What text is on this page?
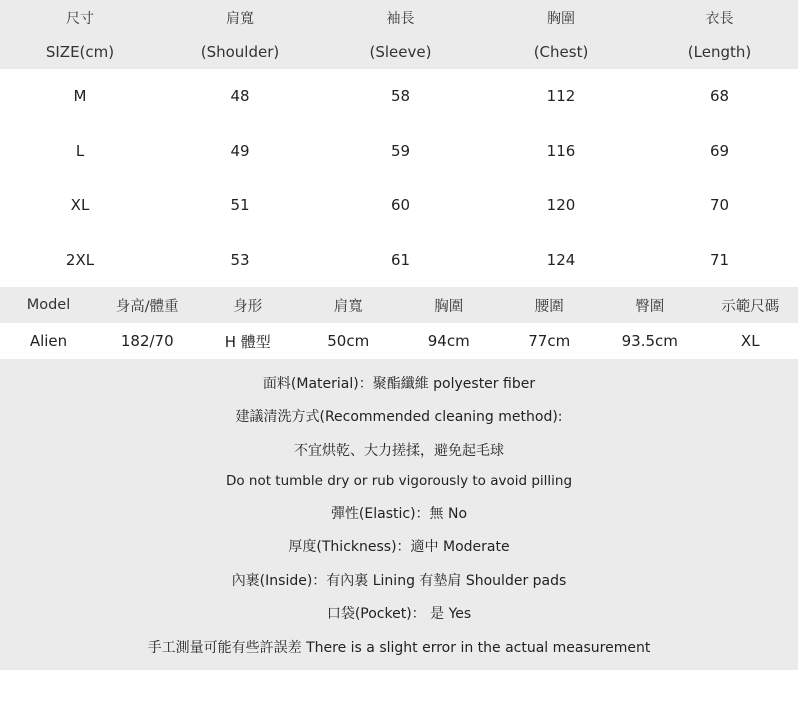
尺寸	肩寬	袖長	胸圍	衣長
SIZE(cm)	(Shoulder)	(Sleeve)	(Chest)	(Length)
M	48	58	112	68
L	49	59	116	69
XL	51	60	120	70
2XL	53	61	124	71
Model	身高/體重	身形	肩寬	胸圍	腰圍	臀圍	示範尺碼
Alien	182/70	H 體型	50cm	94cm	77cm	93.5cm	XL
面料(Material)：聚酯纖維 polyester fiber
建議清洗方式(Recommended cleaning method):
不宜烘乾、大力搓揉，避免起毛球
Do not tumble dry or rub vigorously to avoid pilling
彈性(Elastic)：無 No
厚度(Thickness)：適中 Moderate
內裹(Inside)：有內裏 Lining 有墊肩 Shoulder pads
口袋(Pocket)： 是 Yes
手工測量可能有些許誤差 There is a slight error in the actual measurement
